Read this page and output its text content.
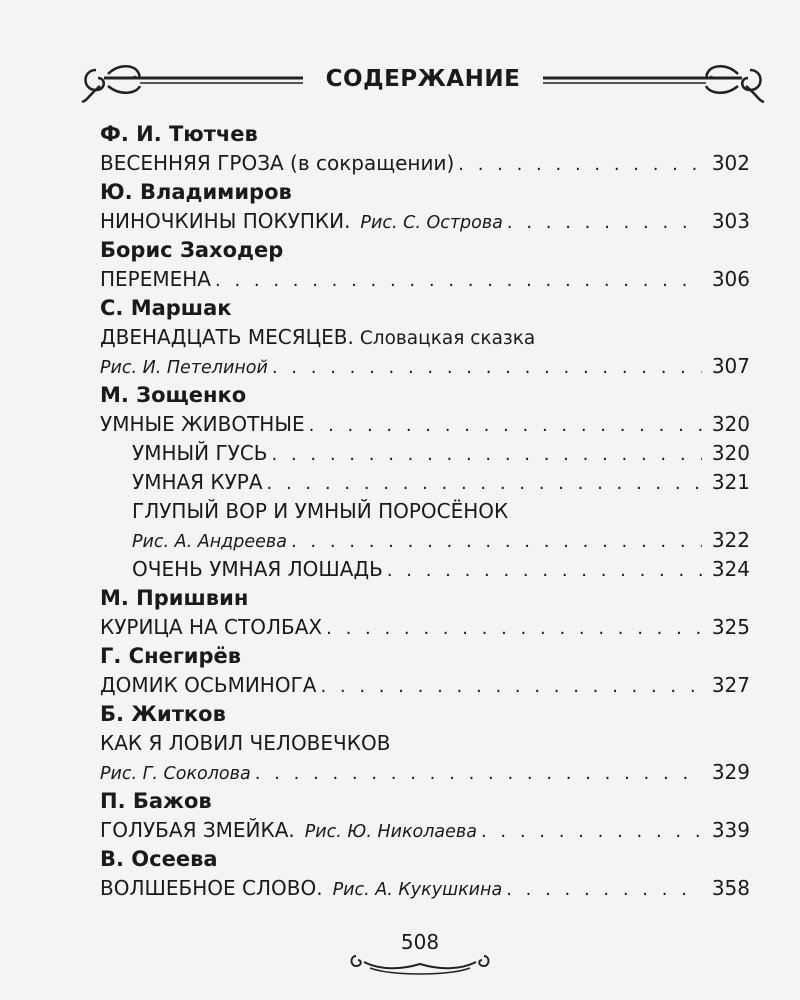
СОДЕРЖАНИЕ
Ф. И. Тютчев
ВЕСЕННЯЯ ГРОЗА (в сокращении) . . .	302
Ю. Владимиров
НИНОЧКИНЫ ПОКУПКИ. Рис. С. Острова . . .	303
Борис Заходер
ПЕРЕМЕНА . . .	306
С. Маршак
ДВЕНАДЦАТЬ МЕСЯЦЕВ. Словацкая сказка
Рис. И. Петелиной . . .	307
М. Зощенко
УМНЫЕ ЖИВОТНЫЕ . . .	320
УМНЫЙ ГУСЬ . . .	320
УМНАЯ КУРА . . .	321
ГЛУПЫЙ ВОР И УМНЫЙ ПОРОСЁНОК
Рис. А. Андреева . . .	322
ОЧЕНЬ УМНАЯ ЛОШАДЬ . . .	324
М. Пришвин
КУРИЦА НА СТОЛБАХ . . .	325
Г. Снегирёв
ДОМИК ОСЬМИНОГА . . .	327
Б. Житков
КАК Я ЛОВИЛ ЧЕЛОВЕЧКОВ
Рис. Г. Соколова . . .	329
П. Бажов
ГОЛУБАЯ ЗМЕЙКА. Рис. Ю. Николаева . . .	339
В. Осеева
ВОЛШЕБНОЕ СЛОВО. Рис. А. Кукушкина . . .	358
508
